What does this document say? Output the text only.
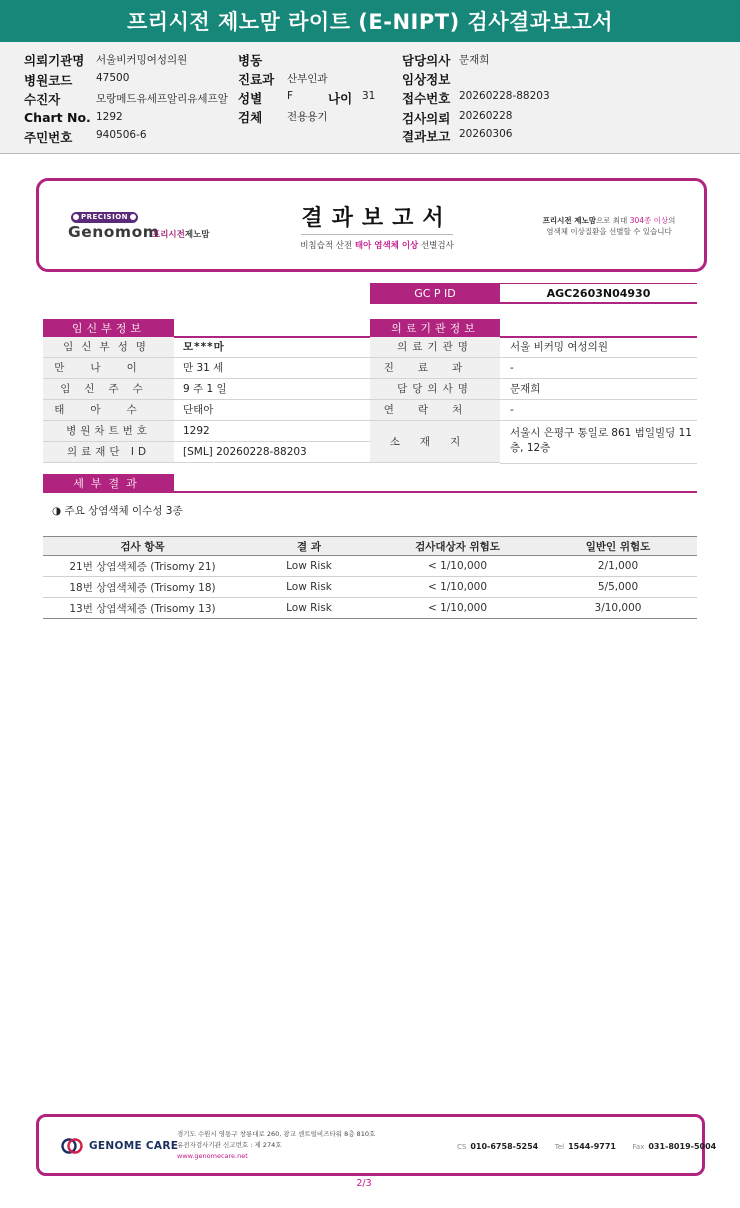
프리시전 제노맘 라이트 (E-NIPT) 검사결과보고서
의뢰기관명 서울비커밍여성의원
병원코드 47500
수진자	모랑메드유세프알리유세프알
Chart No. 1292
주민번호 940506-6
병동
진료과 산부인과
성별 F	나이 31
검체 전용용기
담당의사 문재희
임상정보
접수번호 20260228-88203
검사의뢰 20260228
결과보고 20260306
PRECISION
Genomom
프리시전제노맘
결과보고서
비침습적 산전 태아 염색체 이상 선별검사
프리시전 제노맘으로 최대 304종 이상의
염색체 이상질환을 선별할 수 있습니다
GC P ID	AGC2603N04930
임신부정보
임신부성명	모***마
만나이	만 31 세
임신주수	9 주 1 일
태아수	단태아
병원차트번호	1292
의료재단 ID	[SML] 20260228-88203
의료기관정보
의료기관명	서울 비커밍 여성의원
진료과	-
담당의사명	문재희
연락처	-
소재지
서울시 은평구 통일로 861 범일빌딩 11층, 12층
세부결과
◑ 주요 상염색체 이수성 3종
검사 항목	결 과	검사대상자 위험도	일반인 위험도
21번 상염색체증 (Trisomy 21)	Low Risk	< 1/10,000	2/1,000
18번 상염색체증 (Trisomy 18)	Low Risk	< 1/10,000	5/5,000
13번 상염색체증 (Trisomy 13)	Low Risk	< 1/10,000	3/10,000
GENOME CARE
경기도 수원시 영통구 창룡대로 260, 광교 센트럴비즈타워 8층 810호
유전자검사기관 신고번호 : 제 274호
www.genomecare.net
CS 010-6758-5254 Tel 1544-9771 Fax 031-8019-5004
2/3
